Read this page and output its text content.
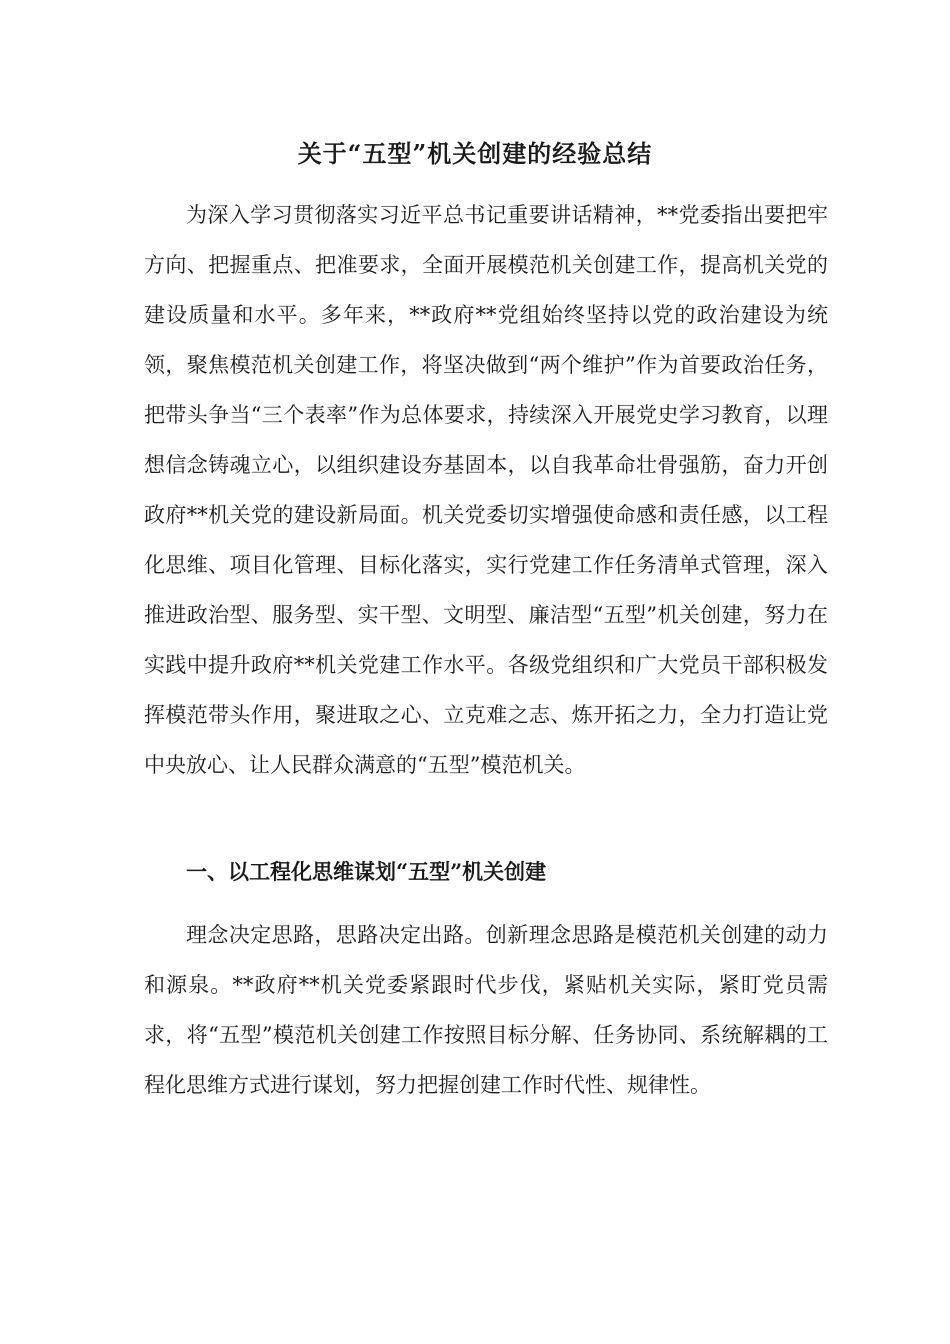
关于“五型”机关创建的经验总结

为深入学习贯彻落实习近平总书记重要讲话精神，**党委指出要把牢方向、把握重点、把准要求，全面开展模范机关创建工作，提高机关党的建设质量和水平。多年来，**政府**党组始终坚持以党的政治建设为统领，聚焦模范机关创建工作，将坚决做到“两个维护”作为首要政治任务，把带头争当“三个表率”作为总体要求，持续深入开展党史学习教育，以理想信念铸魂立心，以组织建设夯基固本，以自我革命壮骨强筋，奋力开创政府**机关党的建设新局面。机关党委切实增强使命感和责任感，以工程化思维、项目化管理、目标化落实，实行党建工作任务清单式管理，深入推进政治型、服务型、实干型、文明型、廉洁型“五型”机关创建，努力在实践中提升政府**机关党建工作水平。各级党组织和广大党员干部积极发挥模范带头作用，聚进取之心、立克难之志、炼开拓之力，全力打造让党中央放心、让人民群众满意的“五型”模范机关。

一、以工程化思维谋划“五型”机关创建

理念决定思路，思路决定出路。创新理念思路是模范机关创建的动力和源泉。**政府**机关党委紧跟时代步伐，紧贴机关实际，紧盯党员需求，将“五型”模范机关创建工作按照目标分解、任务协同、系统解耦的工程化思维方式进行谋划，努力把握创建工作时代性、规律性。
